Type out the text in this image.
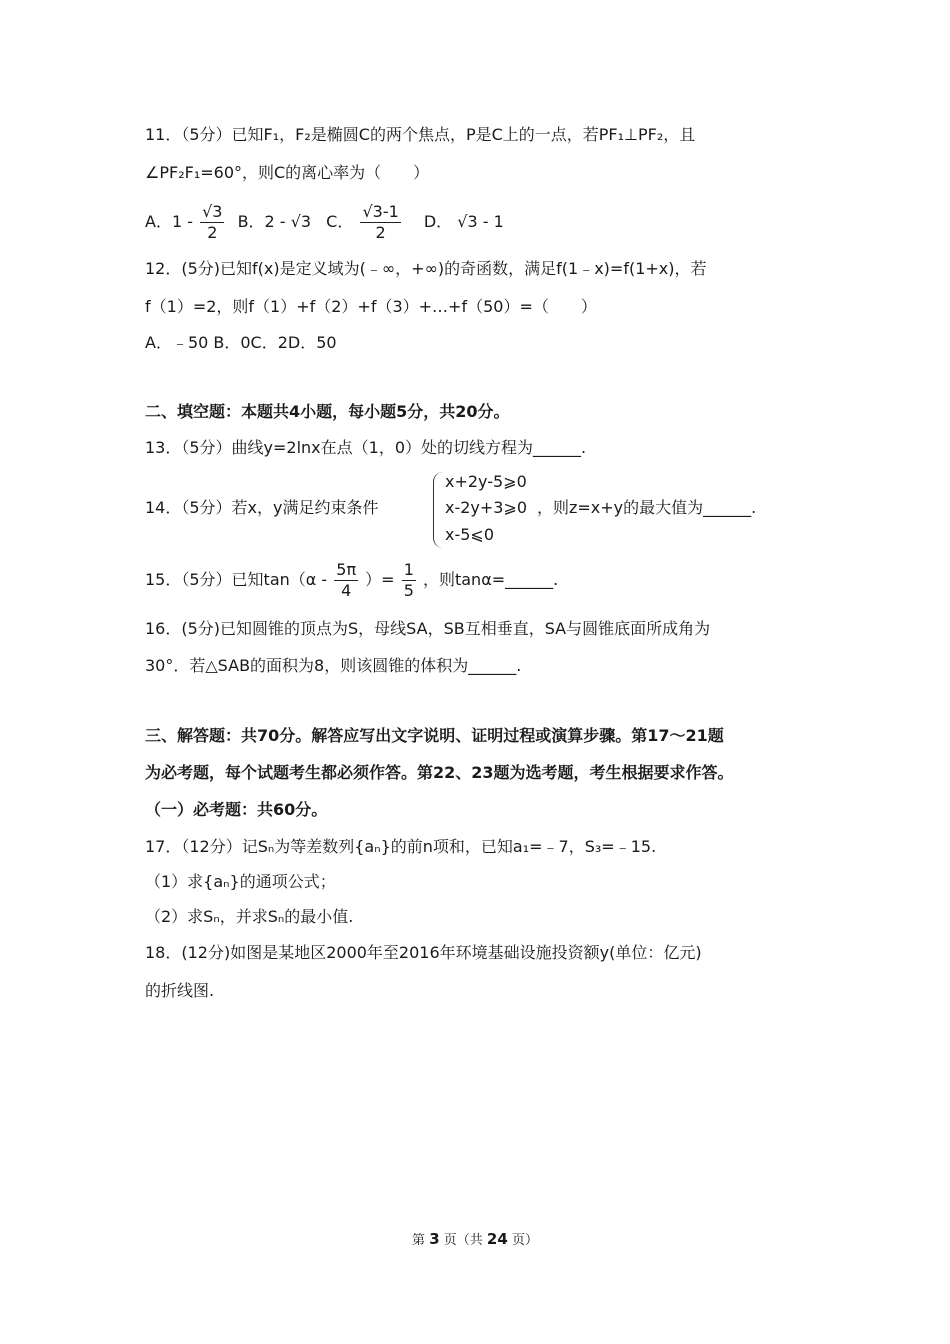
11．（5分）已知F₁，F₂是椭圆C的两个焦点，P是C上的一点，若PF₁⊥PF₂，且
∠PF₂F₁=60°，则C的离心率为（　　）
A．$1 - \frac{√3}{2}$ B．2 - √3 C． $\frac{√3-1}{2}$ D． √3 - 1
12．(5分)已知f(x)是定义域为(﹣∞，+∞)的奇函数，满足f(1﹣x)=f(1+x)，若
f（1）=2，则f（1）+f（2）+f（3）+…+f（50）=（　　）
A．﹣50 B．0C．2D．50
二、填空题：本题共4小题，每小题5分，共20分。
13．（5分）曲线y=2lnx在点（1，0）处的切线方程为______.
14．（5分）若x，y满足约束条件
x+2y-5⩾0
x-2y+3⩾0
x-5⩽0
，则z=x+y的最大值为______.
15．（5分）已知$\tan(\alpha - \frac{5\pi}{4}$ ）= $\frac{1}{5}$ ，则tanα=______.
16．(5分)已知圆锥的顶点为S，母线SA，SB互相垂直，SA与圆锥底面所成角为
30°．若△SAB的面积为8，则该圆锥的体积为______.
三、解答题：共70分。解答应写出文字说明、证明过程或演算步骤。第17～21题
为必考题，每个试题考生都必须作答。第22、23题为选考题，考生根据要求作答。
（一）必考题：共60分。
17．（12分）记Sₙ为等差数列{aₙ}的前n项和，已知a₁=﹣7，S₃=﹣15.
（1）求{aₙ}的通项公式；
（2）求Sₙ，并求Sₙ的最小值.
18．(12分)如图是某地区2000年至2016年环境基础设施投资额y(单位：亿元)
的折线图.
第 3 页（共 24 页）
